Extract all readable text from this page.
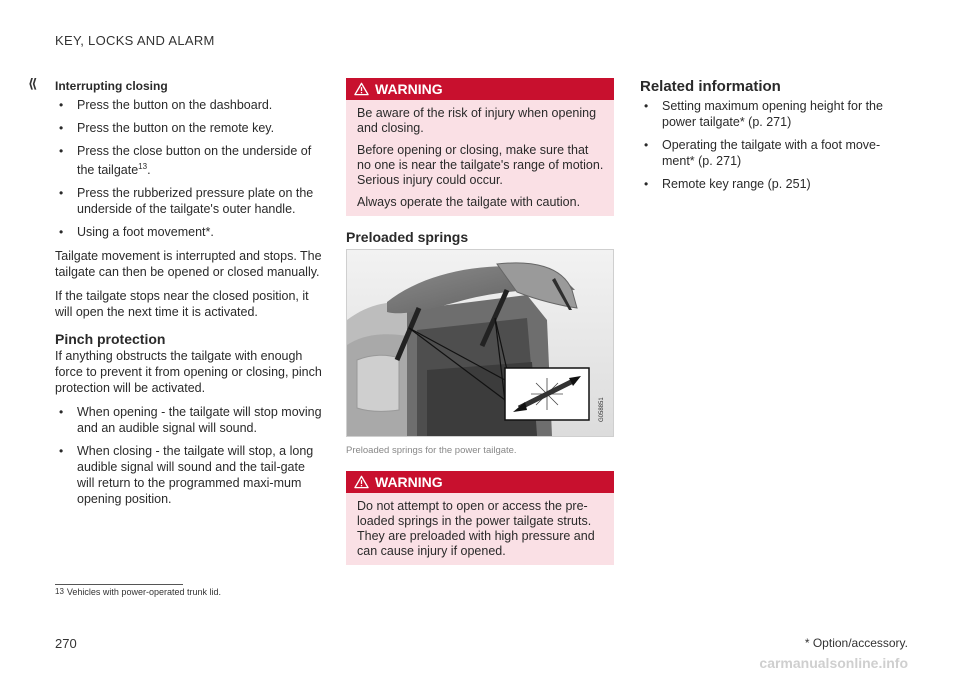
KEY, LOCKS AND ALARM
⟪ Interrupting closing
• Press the button on the dashboard.
• Press the button on the remote key.
• Press the close button on the underside of the tailgate$^{13}$.
• Press the rubberized pressure plate on the underside of the tailgate's outer handle.
• Using a foot movement*.

Tailgate movement is interrupted and stops. The tailgate can then be opened or closed manually.

If the tailgate stops near the closed position, it will open the next time it is activated.

Pinch protection

If anything obstructs the tailgate with enough force to prevent it from opening or closing, pinch protection will be activated.

• When opening - the tailgate will stop moving and an audible signal will sound.
• When closing - the tailgate will stop, a long audible signal will sound and the tail-gate will return to the programmed maxi-mum opening position.
WARNING

Be aware of the risk of injury when opening and closing.

Before opening or closing, make sure that no one is near the tailgate's range of motion. Serious injury could occur.

Always operate the tailgate with caution.

Preloaded springs
G058851
Preloaded springs for the power tailgate.
WARNING

Do not attempt to open or access the pre-loaded springs in the power tailgate struts. They are preloaded with high pressure and can cause injury if opened.

Related information
• Setting maximum opening height for the power tailgate* (p. 271)
• Operating the tailgate with a foot move-ment* (p. 271)
• Remote key range (p. 251)
13 Vehicles with power-operated trunk lid.
270	* Option/accessory.
carmanualsonline.info
